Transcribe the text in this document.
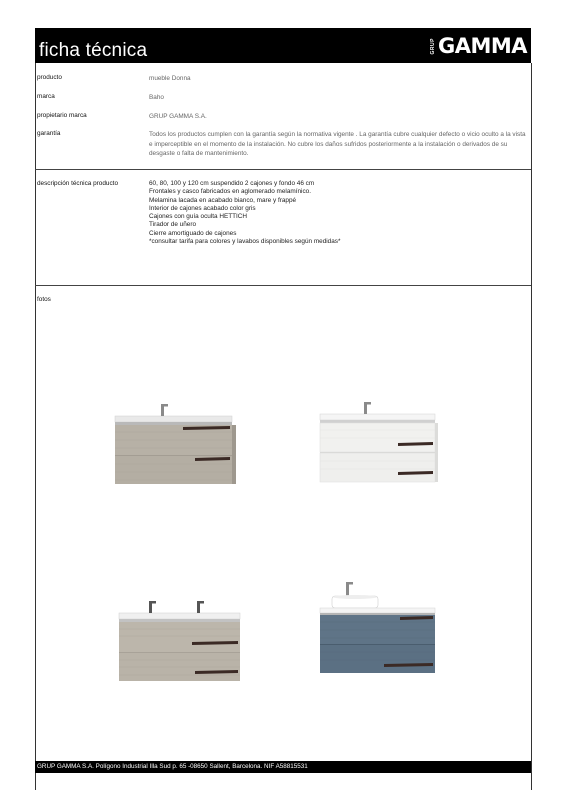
ficha técnica	GRUP GAMMA
producto	mueble Donna
marca	Baho
propietario marca	GRUP GAMMA S.A.
garantía	Todos los productos cumplen con la garantía según la normativa vigente . La garantía cubre cualquier defecto o vicio oculto a la vista e imperceptible en el momento de la instalación. No cubre los daños sufridos posteriormente a la instalación o derivados de su desgaste o falta de mantenimiento.
descripción técnica producto	60, 80, 100 y 120 cm suspendido 2 cajones y fondo 46 cm
Frontales y casco fabricados en aglomerado melamínico.
Melamina lacada en acabado bianco, mare y frappé
Interior de cajones acabado color gris
Cajones con guía oculta HETTICH
Tirador de uñero
Cierre amortiguado de cajones
*consultar tarifa para colores y lavabos disponibles según medidas*
fotos
GRUP GAMMA S.A. Polígono Industrial Illa Sud p. 65 -08650 Sallent, Barcelona. NIF A58815531
